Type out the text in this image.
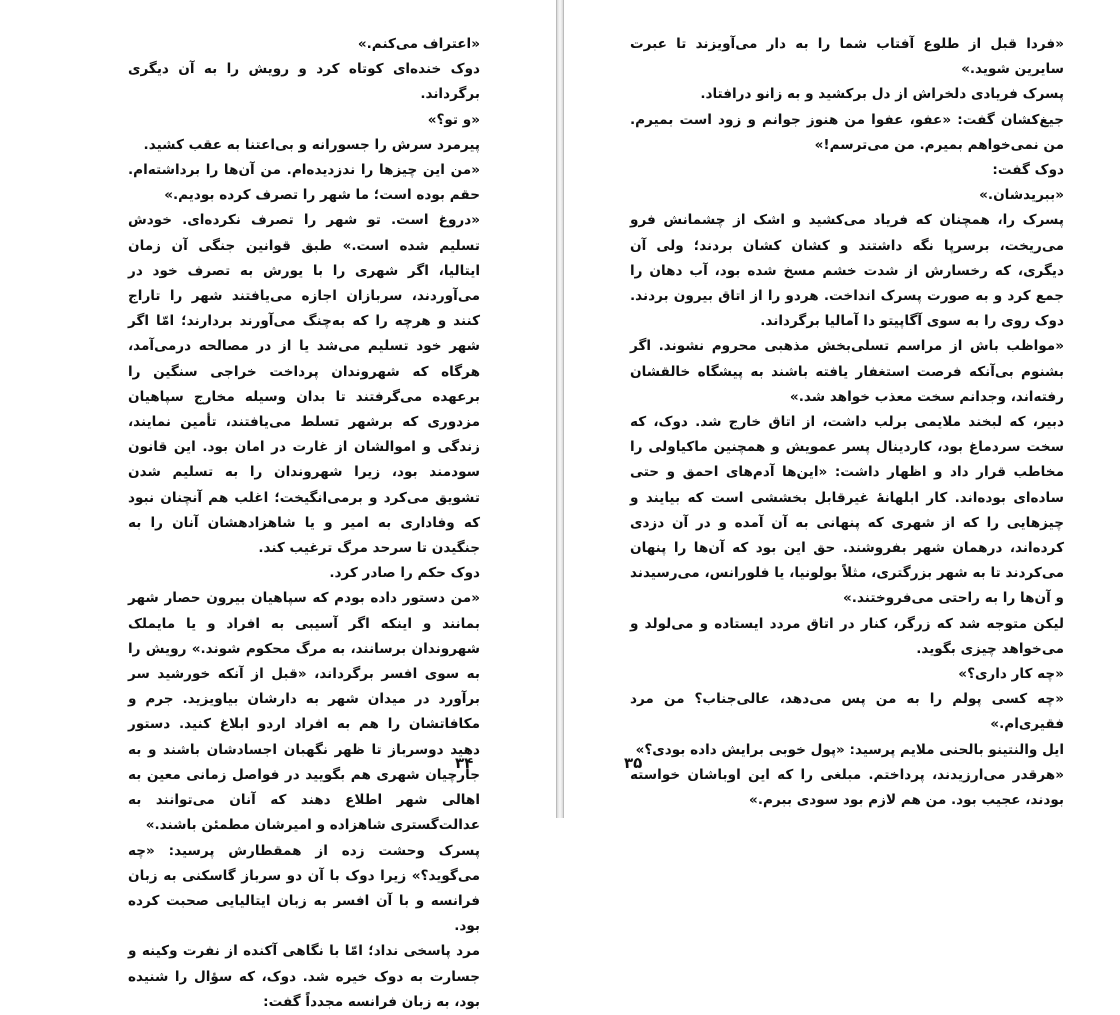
«اعتراف می‌کنم.»

دوک خنده‌ای کوتاه کرد و رویش را به آن دیگری برگرداند.

«و تو؟»

پیرمرد سرش را جسورانه و بی‌اعتنا به عقب کشید.

«من این چیزها را ندزدیده‌ام. من آن‌ها را برداشته‌ام. حقم بوده است؛ ما شهر را تصرف کرده بودیم.»

«دروغ است. تو شهر را تصرف نکرده‌ای. خودش تسلیم شده است.» طبق قوانین جنگی آن زمان ایتالیا، اگر شهری را با یورش به تصرف خود در می‌آوردند، سربازان اجازه می‌یافتند شهر را تاراج کنند و هرچه را که به‌چنگ می‌آورند بردارند؛ امّا اگر شهر خود تسلیم می‌شد یا از در مصالحه درمی‌آمد، هرگاه که شهروندان پرداخت خراجی سنگین را برعهده می‌گرفتند تا بدان وسیله مخارج سپاهیان مزدوری که برشهر تسلط می‌یافتند، تأمین نمایند، زندگی و اموالشان از غارت در امان بود. این قانون سودمند بود، زیرا شهروندان را به تسلیم شدن تشویق می‌کرد و برمی‌انگیخت؛ اغلب هم آنچنان نبود که وفاداری به امیر و یا شاهزادهشان آنان را به جنگیدن تا سرحد مرگ ترغیب کند.

دوک حکم را صادر کرد.

«من دستور داده بودم که سپاهیان بیرون حصار شهر بمانند و اینکه اگر آسیبی به افراد و یا مایملک شهروندان برسانند، به مرگ محکوم شوند.» رویش را به سوی افسر برگرداند، «قبل از آنکه خورشید سر برآورد در میدان شهر به دارشان بیاویزید. جرم و مکافاتشان را هم به افراد اردو ابلاغ کنید. دستور دهید دوسرباز تا ظهر نگهبان اجسادشان باشند و به جارچیان شهری هم بگویید در فواصل زمانی معین به اهالی شهر اطلاع دهند که آنان می‌توانند به عدالت‌گستری شاهزاده و امیرشان مطمئن باشند.»

پسرک وحشت زده از همقطارش پرسید: «چه می‌گوید؟» زیرا دوک با آن دو سرباز گاسکنی به زبان فرانسه و با آن افسر به زبان ایتالیایی صحبت کرده بود.

مرد پاسخی نداد؛ امّا با نگاهی آکنده از نفرت وکینه و جسارت به دوک خیره شد. دوک، که سؤال را شنیده بود، به زبان فرانسه مجدداً گفت:

۳۴

«فردا قبل از طلوع آفتاب شما را به دار می‌آویزند تا عبرت سایرین شوید.»

پسرک فریادی دلخراش از دل برکشید و به زانو درافتاد.

جیغ‌کشان گفت: «عفو، عفوا من هنوز جوانم و زود است بمیرم. من نمی‌خواهم بمیرم. من می‌ترسم!»

دوک گفت:

«ببریدشان.»

پسرک را، همچنان که فریاد می‌کشید و اشک از چشمانش فرو می‌ریخت، برسرپا نگه داشتند و کشان کشان بردند؛ ولی آن دیگری، که رخسارش از شدت خشم مسخ شده بود، آب دهان را جمع کرد و به صورت پسرک انداخت. هردو را از اتاق بیرون بردند. دوک روی را به سوی آگاپیتو دا آمالیا برگرداند.

«مواظب باش از مراسم تسلی‌بخش مذهبی محروم نشوند. اگر بشنوم بی‌آنکه فرصت استغفار یافته باشند به پیشگاه خالقشان رفته‌اند، وجدانم سخت معذب خواهد شد.»

دبیر، که لبخند ملایمی برلب داشت، از اتاق خارج شد. دوک، که سخت سردماغ بود، کاردینال پسر عمویش و همچنین ماکیاولی را مخاطب قرار داد و اظهار داشت: «این‌ها آدم‌های احمق و حتی ساده‌ای بوده‌اند. کار ابلهانهٔ غیرقابل بخششی است که بیایند و چیزهایی را که از شهری که پنهانی به آن آمده و در آن دزدی کرده‌اند، درهمان شهر بفروشند. حق این بود که آن‌ها را پنهان می‌کردند تا به شهر بزرگتری، مثلاً بولونیا، یا فلورانس، می‌رسیدند و آن‌ها را به راحتی می‌فروختند.»

لیکن متوجه شد که زرگر، کنار در اتاق مردد ایستاده و می‌لولد و می‌خواهد چیزی بگوید.

«چه کار داری؟»

«چه کسی پولم را به من پس می‌دهد، عالی‌جناب؟ من مرد فقیری‌ام.»

ایل والنتینو بالحنی ملایم پرسید: «پول خوبی برایش داده بودی؟»

«هرقدر می‌ارزیدند، پرداختم. مبلغی را که این اوباشان خواسته بودند، عجیب بود. من هم لازم بود سودی ببرم.»

۳۵
